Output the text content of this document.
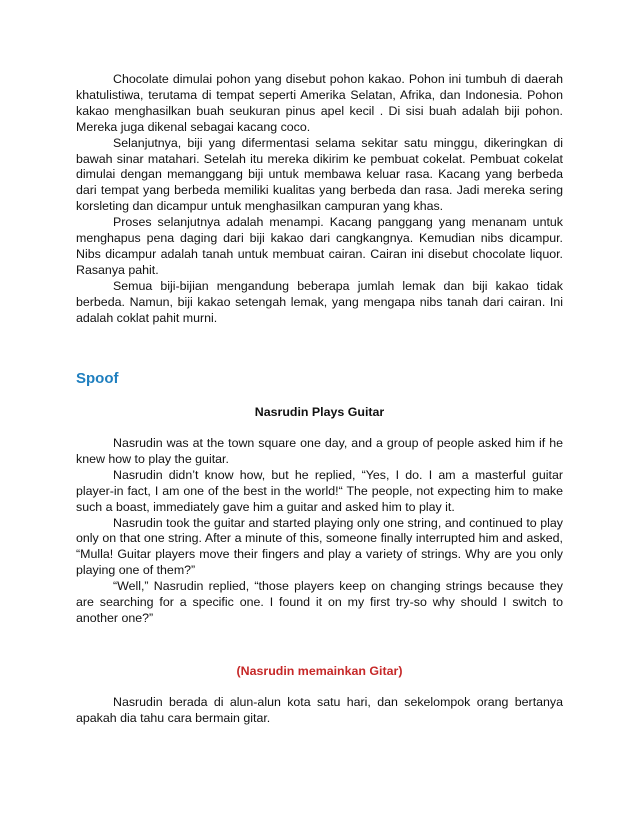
Chocolate dimulai pohon yang disebut pohon kakao. Pohon ini tumbuh di daerah khatulistiwa, terutama di tempat seperti Amerika Selatan, Afrika, dan Indonesia. Pohon kakao menghasilkan buah seukuran pinus apel kecil . Di sisi buah adalah biji pohon. Mereka juga dikenal sebagai kacang coco.

Selanjutnya, biji yang difermentasi selama sekitar satu minggu, dikeringkan di bawah sinar matahari. Setelah itu mereka dikirim ke pembuat cokelat. Pembuat cokelat dimulai dengan memanggang biji untuk membawa keluar rasa. Kacang yang berbeda dari tempat yang berbeda memiliki kualitas yang berbeda dan rasa. Jadi mereka sering korsleting dan dicampur untuk menghasilkan campuran yang khas.

Proses selanjutnya adalah menampi. Kacang panggang yang menanam untuk menghapus pena daging dari biji kakao dari cangkangnya. Kemudian nibs dicampur. Nibs dicampur adalah tanah untuk membuat cairan. Cairan ini disebut chocolate liquor. Rasanya pahit.

Semua biji-bijian mengandung beberapa jumlah lemak dan biji kakao tidak berbeda. Namun, biji kakao setengah lemak, yang mengapa nibs tanah dari cairan. Ini adalah coklat pahit murni.

Spoof
Nasrudin Plays Guitar

Nasrudin was at the town square one day, and a group of people asked him if he knew how to play the guitar.

Nasrudin didn’t know how, but he replied, “Yes, I do. I am a masterful guitar player-in fact, I am one of the best in the world!“ The people, not expecting him to make such a boast, immediately gave him a guitar and asked him to play it.

Nasrudin took the guitar and started playing only one string, and continued to play only on that one string. After a minute of this, someone finally interrupted him and asked, “Mulla! Guitar players move their fingers and play a variety of strings. Why are you only playing one of them?”

“Well,” Nasrudin replied, “those players keep on changing strings because they are searching for a specific one. I found it on my first try-so why should I switch to another one?”

(Nasrudin memainkan Gitar)

Nasrudin berada di alun-alun kota satu hari, dan sekelompok orang bertanya apakah dia tahu cara bermain gitar.
